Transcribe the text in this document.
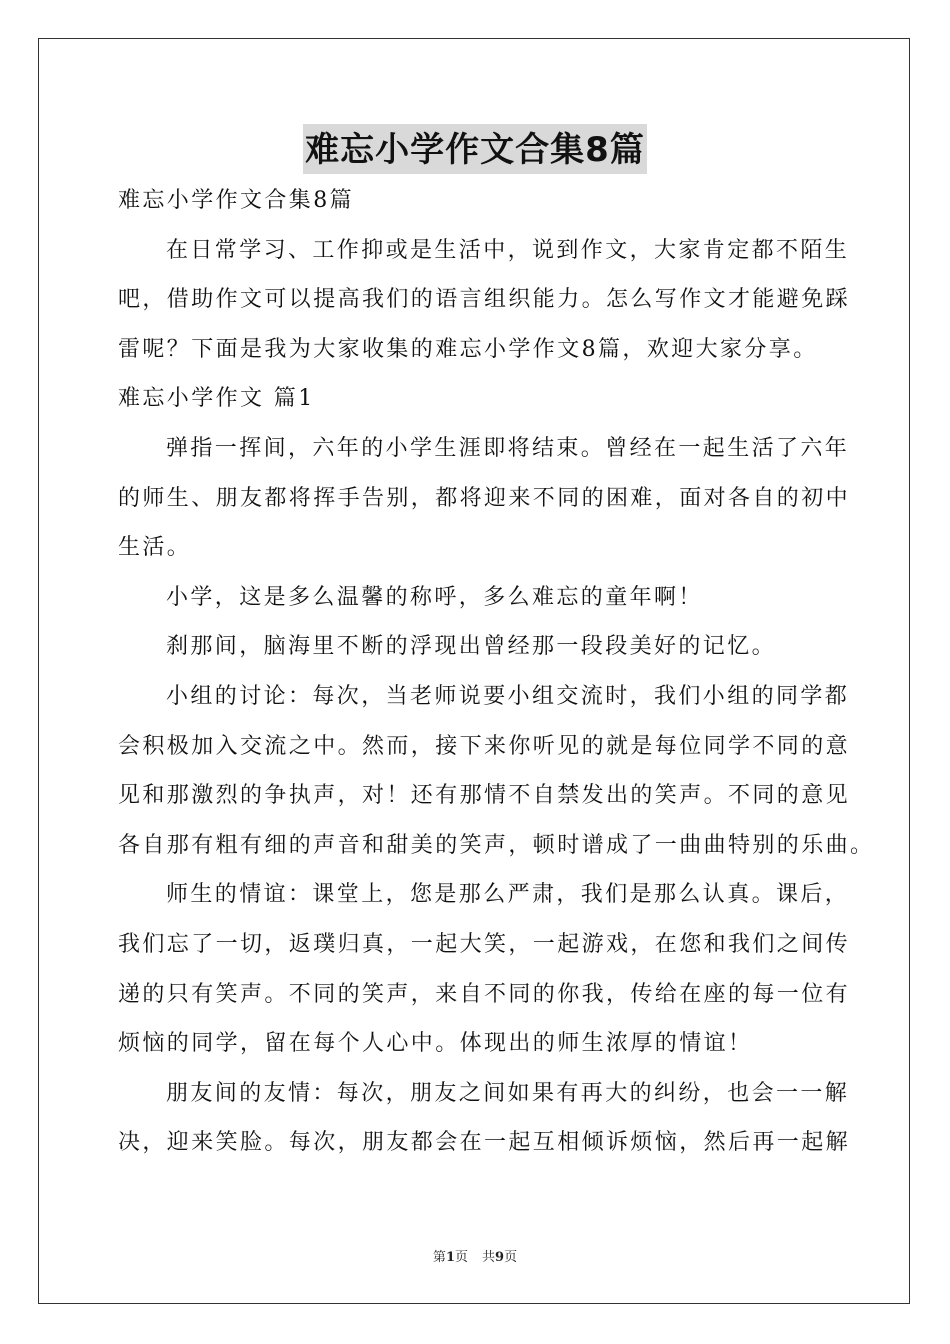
难忘小学作文合集8篇

难忘小学作文合集8篇

在日常学习、工作抑或是生活中，说到作文，大家肯定都不陌生

吧，借助作文可以提高我们的语言组织能力。怎么写作文才能避免踩

雷呢？下面是我为大家收集的难忘小学作文8篇，欢迎大家分享。

难忘小学作文 篇1

弹指一挥间，六年的小学生涯即将结束。曾经在一起生活了六年

的师生、朋友都将挥手告别，都将迎来不同的困难，面对各自的初中

生活。

小学，这是多么温馨的称呼，多么难忘的童年啊！

刹那间，脑海里不断的浮现出曾经那一段段美好的记忆。

小组的讨论：每次，当老师说要小组交流时，我们小组的同学都

会积极加入交流之中。然而，接下来你听见的就是每位同学不同的意

见和那激烈的争执声，对！还有那情不自禁发出的笑声。不同的意见

各自那有粗有细的声音和甜美的笑声，顿时谱成了一曲曲特别的乐曲。

师生的情谊：课堂上，您是那么严肃，我们是那么认真。课后，

我们忘了一切，返璞归真，一起大笑，一起游戏，在您和我们之间传

递的只有笑声。不同的笑声，来自不同的你我，传给在座的每一位有

烦恼的同学，留在每个人心中。体现出的师生浓厚的情谊！

朋友间的友情：每次，朋友之间如果有再大的纠纷，也会一一解

决，迎来笑脸。每次，朋友都会在一起互相倾诉烦恼，然后再一起解

第1页 共9页
